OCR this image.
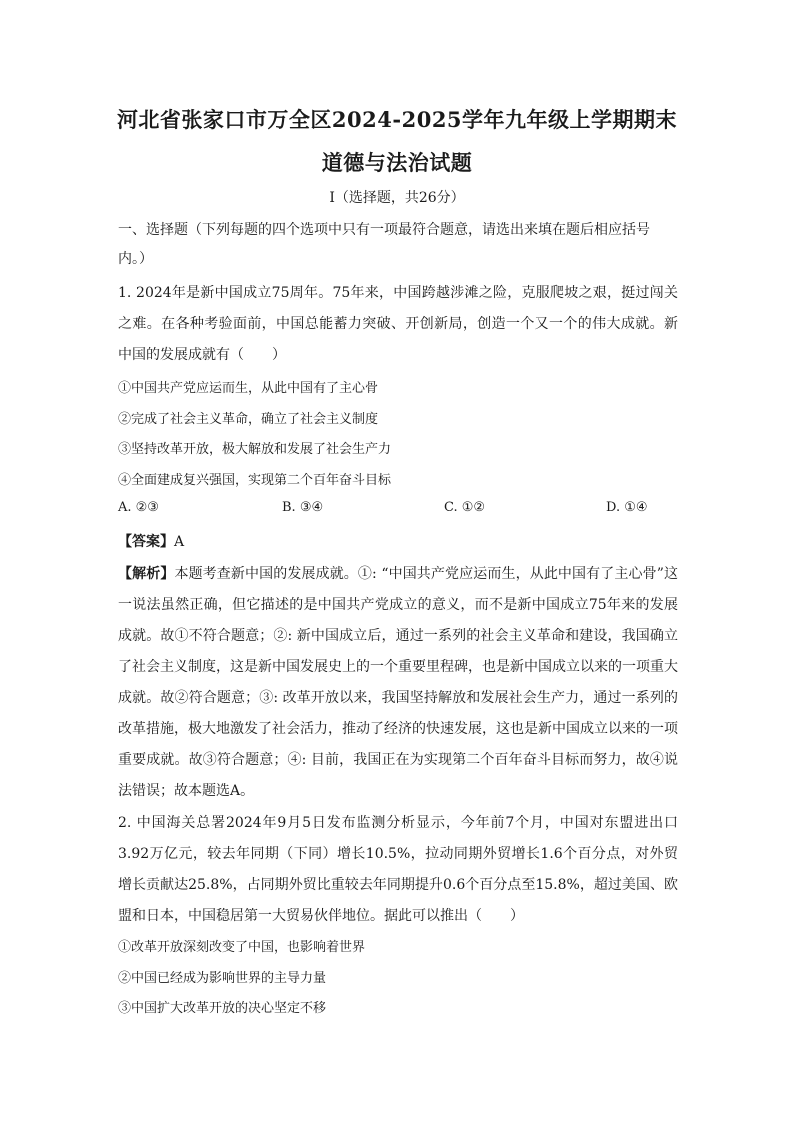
河北省张家口市万全区2024-2025学年九年级上学期期末
道德与法治试题
I（选择题，共26分）
一、选择题（下列每题的四个选项中只有一项最符合题意，请选出来填在题后相应括号
内。）
1. 2024年是新中国成立75周年。75年来，中国跨越涉滩之险，克服爬坡之艰，挺过闯关
之难。在各种考验面前，中国总能蓄力突破、开创新局，创造一个又一个的伟大成就。新
中国的发展成就有（　　）
①中国共产党应运而生，从此中国有了主心骨
②完成了社会主义革命，确立了社会主义制度
③坚持改革开放，极大解放和发展了社会生产力
④全面建成复兴强国，实现第二个百年奋斗目标
A. ②③	B. ③④	C. ①②	D. ①④
【答案】A
【解析】本题考查新中国的发展成就。①: “中国共产党应运而生，从此中国有了主心骨”这
一说法虽然正确，但它描述的是中国共产党成立的意义，而不是新中国成立75年来的发展
成就。故①不符合题意；②: 新中国成立后，通过一系列的社会主义革命和建设，我国确立
了社会主义制度，这是新中国发展史上的一个重要里程碑，也是新中国成立以来的一项重大
成就。故②符合题意；③: 改革开放以来，我国坚持解放和发展社会生产力，通过一系列的
改革措施，极大地激发了社会活力，推动了经济的快速发展，这也是新中国成立以来的一项
重要成就。故③符合题意；④: 目前，我国正在为实现第二个百年奋斗目标而努力，故④说
法错误；故本题选A。
2. 中国海关总署2024年9月5日发布监测分析显示，今年前7个月，中国对东盟进出口
3.92万亿元，较去年同期（下同）增长10.5%，拉动同期外贸增长1.6个百分点，对外贸
增长贡献达25.8%，占同期外贸比重较去年同期提升0.6个百分点至15.8%，超过美国、欧
盟和日本，中国稳居第一大贸易伙伴地位。据此可以推出（　　）
①改革开放深刻改变了中国，也影响着世界
②中国已经成为影响世界的主导力量
③中国扩大改革开放的决心坚定不移
